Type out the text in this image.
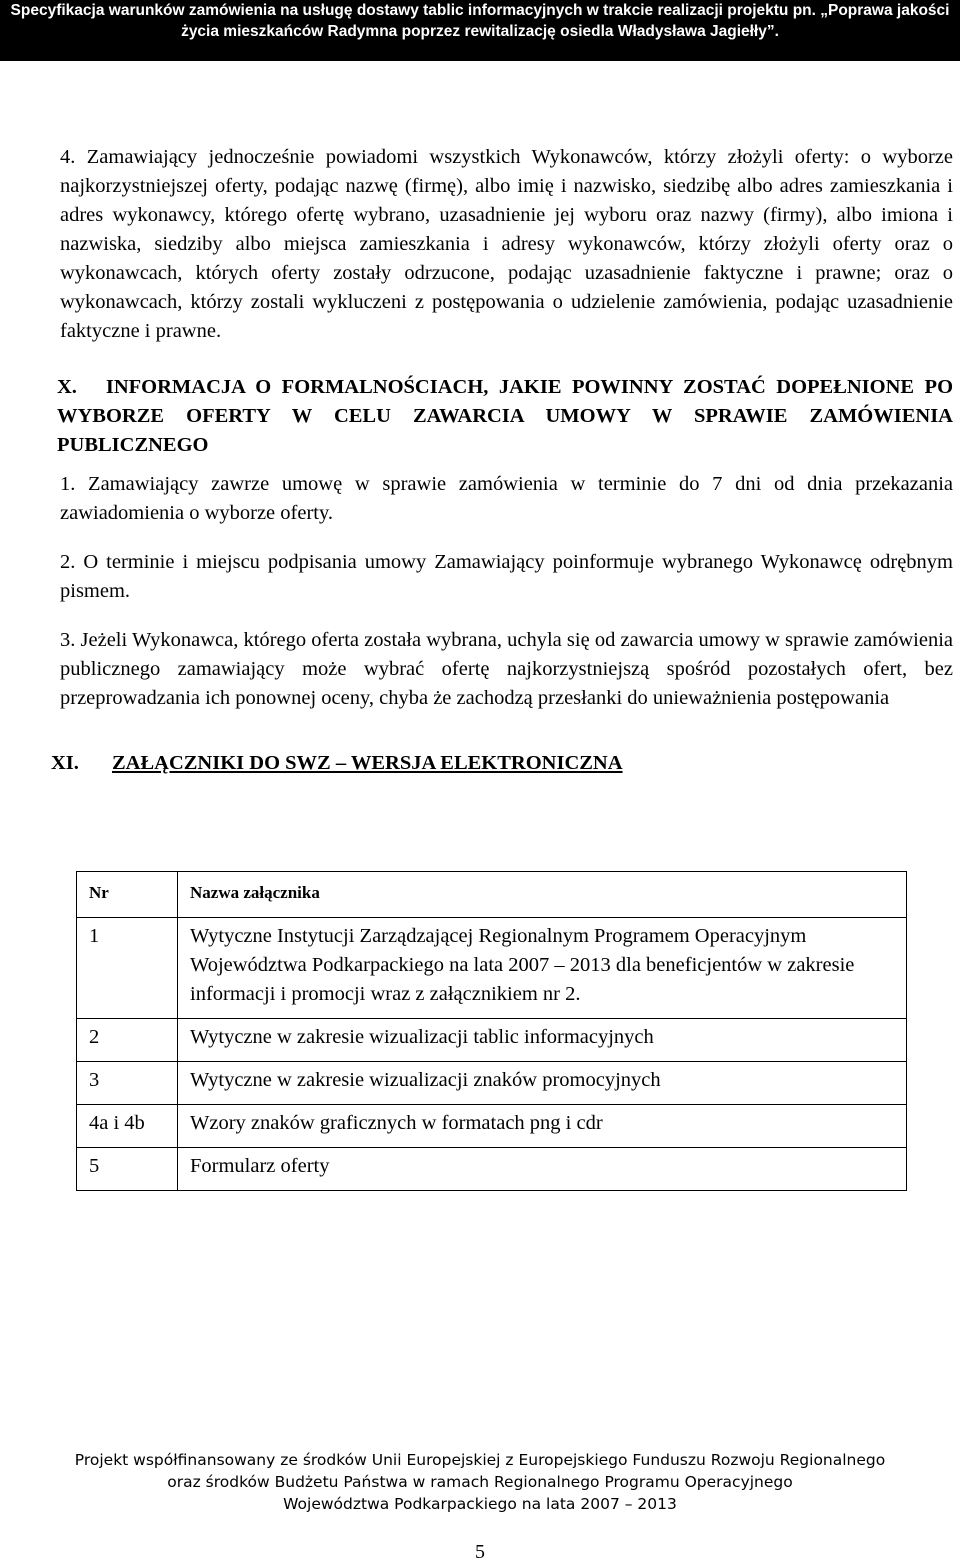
Specyfikacja warunków zamówienia na usługę dostawy tablic informacyjnych w trakcie realizacji projektu pn. „Poprawa jakości
życia mieszkańców Radymna poprzez rewitalizację osiedla Władysława Jagiełły”.
4. Zamawiający jednocześnie powiadomi wszystkich Wykonawców, którzy złożyli oferty: o wyborze najkorzystniejszej oferty, podając nazwę (firmę), albo imię i nazwisko, siedzibę albo adres zamieszkania i adres wykonawcy, którego ofertę wybrano, uzasadnienie jej wyboru oraz nazwy (firmy), albo imiona i nazwiska, siedziby albo miejsca zamieszkania i adresy wykonawców, którzy złożyli oferty oraz o wykonawcach, których oferty zostały odrzucone, podając uzasadnienie faktyczne i prawne; oraz o wykonawcach, którzy zostali wykluczeni z postępowania o udzielenie zamówienia, podając uzasadnienie faktyczne i prawne.
X. INFORMACJA O FORMALNOŚCIACH, JAKIE POWINNY ZOSTAĆ DOPEŁNIONE PO WYBORZE OFERTY W CELU ZAWARCIA UMOWY W SPRAWIE ZAMÓWIENIA PUBLICZNEGO
1. Zamawiający zawrze umowę w sprawie zamówienia w terminie do 7 dni od dnia przekazania zawiadomienia o wyborze oferty.
2. O terminie i miejscu podpisania umowy Zamawiający poinformuje wybranego Wykonawcę odrębnym pismem.
3. Jeżeli Wykonawca, którego oferta została wybrana, uchyla się od zawarcia umowy w sprawie zamówienia publicznego zamawiający może wybrać ofertę najkorzystniejszą spośród pozostałych ofert, bez przeprowadzania ich ponownej oceny, chyba że zachodzą przesłanki do unieważnienia postępowania
XI. ZAŁĄCZNIKI DO SWZ – WERSJA ELEKTRONICZNA
Nr	Nazwa załącznika
1	Wytyczne Instytucji Zarządzającej Regionalnym Programem Operacyjnym Województwa Podkarpackiego na lata 2007 – 2013 dla beneficjentów w zakresie informacji i promocji wraz z załącznikiem nr 2.
2	Wytyczne w zakresie wizualizacji tablic informacyjnych
3	Wytyczne w zakresie wizualizacji znaków promocyjnych
4a i 4b	Wzory znaków graficznych w formatach png i cdr
5	Formularz oferty
Projekt współfinansowany ze środków Unii Europejskiej z Europejskiego Funduszu Rozwoju Regionalnego
oraz środków Budżetu Państwa w ramach Regionalnego Programu Operacyjnego
Województwa Podkarpackiego na lata 2007 – 2013
5
